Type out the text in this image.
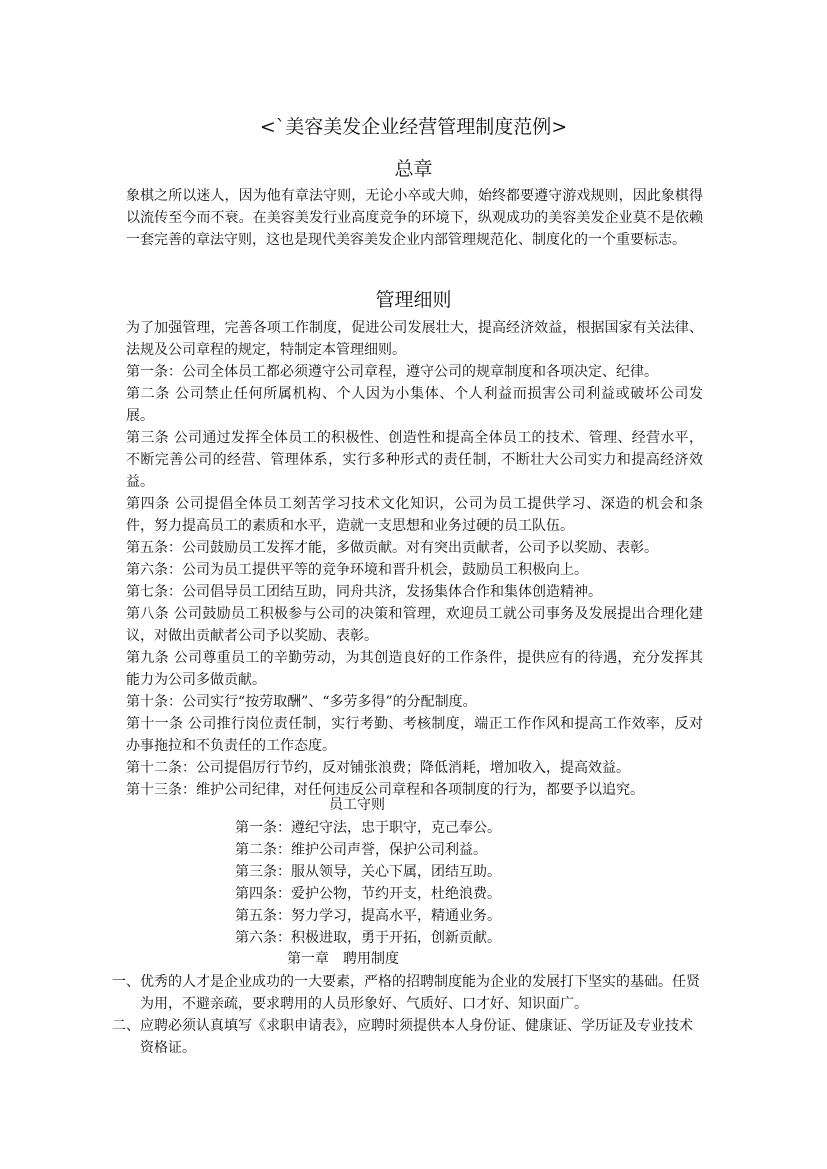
<`美容美发企业经营管理制度范例>
总章

象棋之所以迷人，因为他有章法守则，无论小卒或大帅，始终都要遵守游戏规则，因此象棋得以流传至今而不衰。在美容美发行业高度竞争的环境下，纵观成功的美容美发企业莫不是依赖一套完善的章法守则，这也是现代美容美发企业内部管理规范化、制度化的一个重要标志。

管理细则

为了加强管理，完善各项工作制度，促进公司发展壮大，提高经济效益，根据国家有关法律、法规及公司章程的规定，特制定本管理细则。

第一条：公司全体员工都必须遵守公司章程，遵守公司的规章制度和各项决定、纪律。

第二条 公司禁止任何所属机构、个人因为小集体、个人利益而损害公司利益或破坏公司发展。

第三条 公司通过发挥全体员工的积极性、创造性和提高全体员工的技术、管理、经营水平，不断完善公司的经营、管理体系，实行多种形式的责任制，不断壮大公司实力和提高经济效益。

第四条 公司提倡全体员工刻苦学习技术文化知识，公司为员工提供学习、深造的机会和条件，努力提高员工的素质和水平，造就一支思想和业务过硬的员工队伍。

第五条：公司鼓励员工发挥才能，多做贡献。对有突出贡献者，公司予以奖励、表彰。

第六条：公司为员工提供平等的竞争环境和晋升机会，鼓励员工积极向上。

第七条：公司倡导员工团结互助，同舟共济，发扬集体合作和集体创造精神。

第八条 公司鼓励员工积极参与公司的决策和管理，欢迎员工就公司事务及发展提出合理化建议，对做出贡献者公司予以奖励、表彰。

第九条 公司尊重员工的辛勤劳动，为其创造良好的工作条件，提供应有的待遇，充分发挥其能力为公司多做贡献。

第十条：公司实行“按劳取酬”、“多劳多得”的分配制度。

第十一条 公司推行岗位责任制，实行考勤、考核制度，端正工作作风和提高工作效率，反对办事拖拉和不负责任的工作态度。

第十二条：公司提倡厉行节约，反对铺张浪费；降低消耗，增加收入，提高效益。

第十三条：维护公司纪律，对任何违反公司章程和各项制度的行为，都要予以追究。

员工守则
第一条：遵纪守法，忠于职守，克己奉公。
第二条：维护公司声誉，保护公司利益。
第三条：服从领导，关心下属，团结互助。
第四条：爱护公物，节约开支，杜绝浪费。
第五条：努力学习，提高水平，精通业务。
第六条：积极进取，勇于开拓，创新贡献。
第一章　聘用制度

一、优秀的人才是企业成功的一大要素，严格的招聘制度能为企业的发展打下坚实的基础。任贤为用，不避亲疏，要求聘用的人员形象好、气质好、口才好、知识面广。

二、应聘必须认真填写《求职申请表》，应聘时须提供本人身份证、健康证、学历证及专业技术资格证。
